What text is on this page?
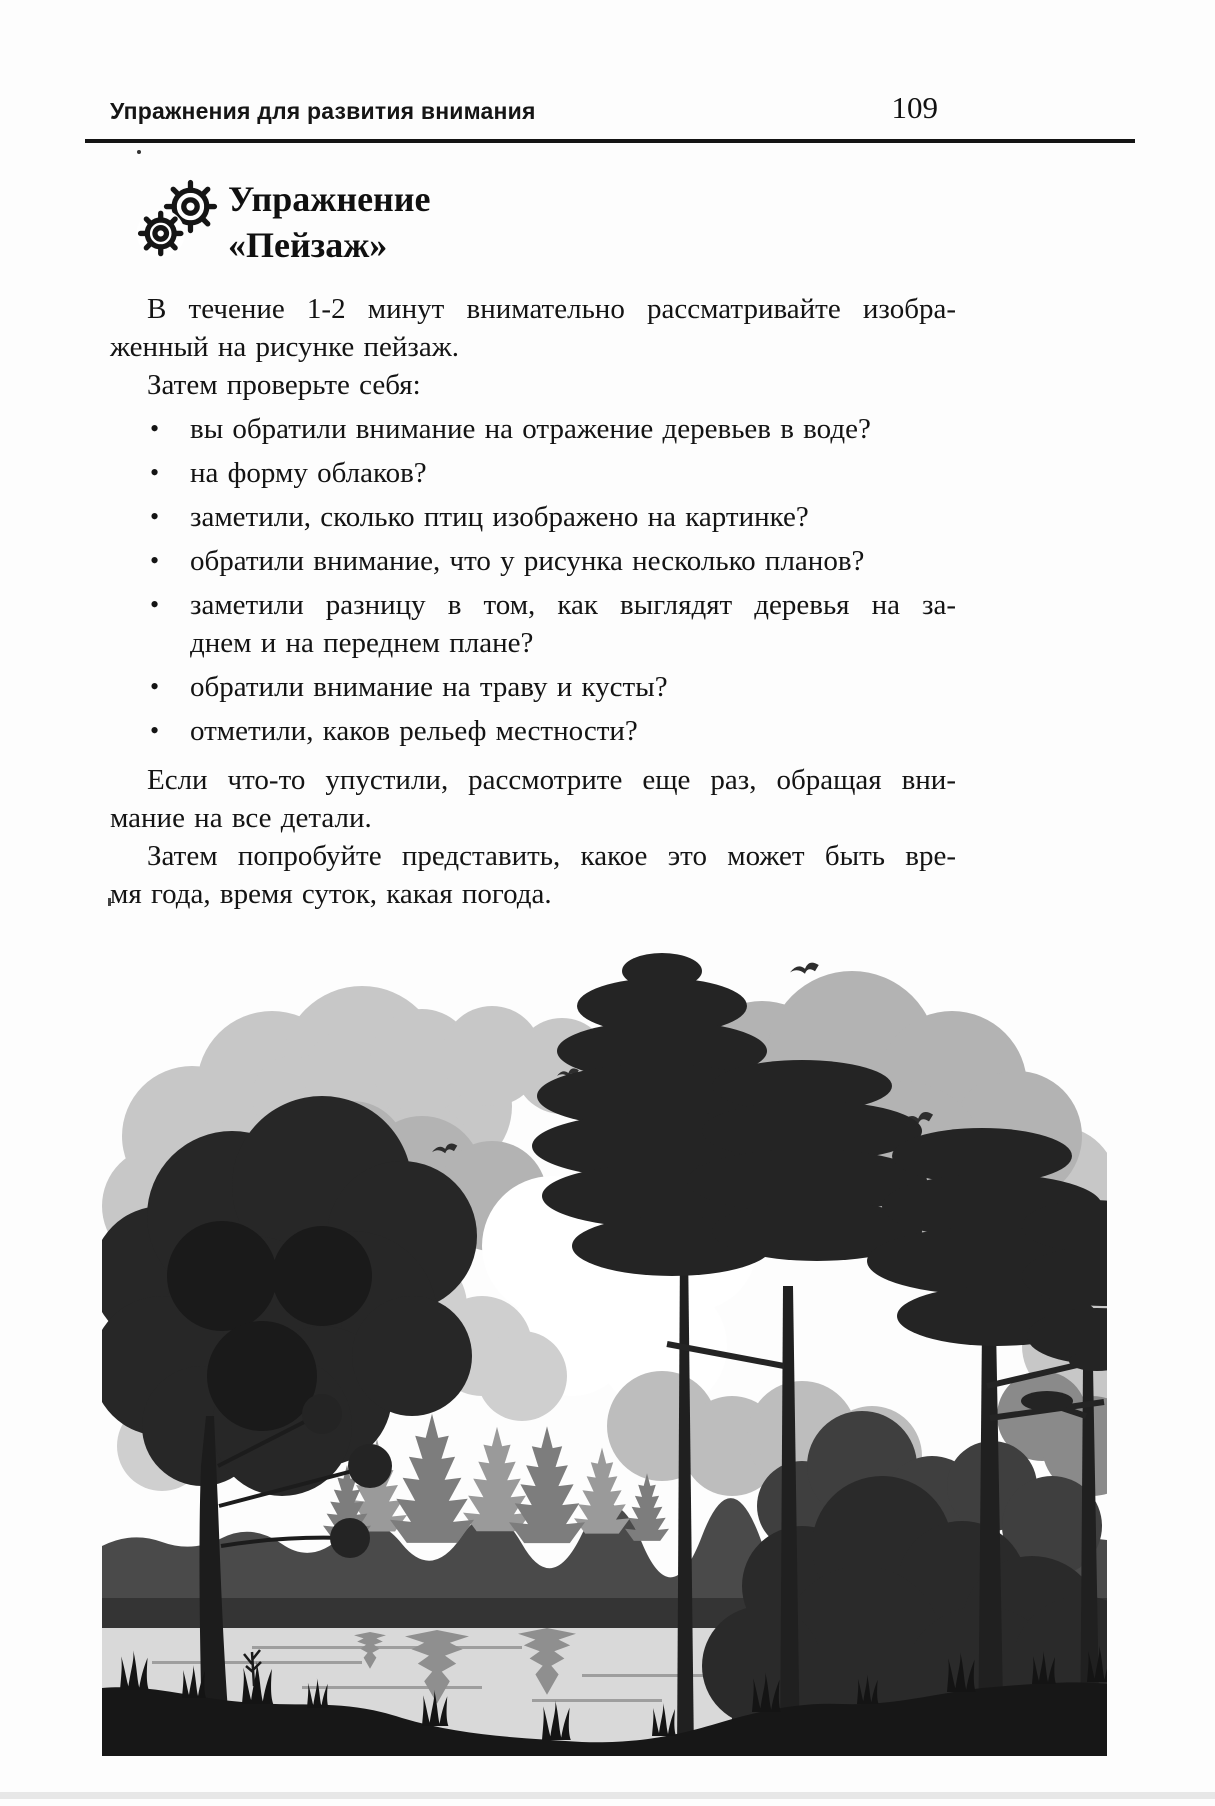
Упражнения для развития внимания	109
Упражнение
«Пейзаж»
В течение 1-2 минут внимательно рассматривайте изобра-
женный на рисунке пейзаж.
Затем проверьте себя:
•	вы обратили внимание на отражение деревьев в воде?
•	на форму облаков?
•	заметили, сколько птиц изображено на картинке?
•	обратили внимание, что у рисунка несколько планов?
•	заметили разницу в том, как выглядят деревья на за-
днем и на переднем плане?
•	обратили внимание на траву и кусты?
•	отметили, каков рельеф местности?
Если что-то упустили, рассмотрите еще раз, обращая вни-
мание на все детали.
Затем попробуйте представить, какое это может быть вре-
мя года, время суток, какая погода.
